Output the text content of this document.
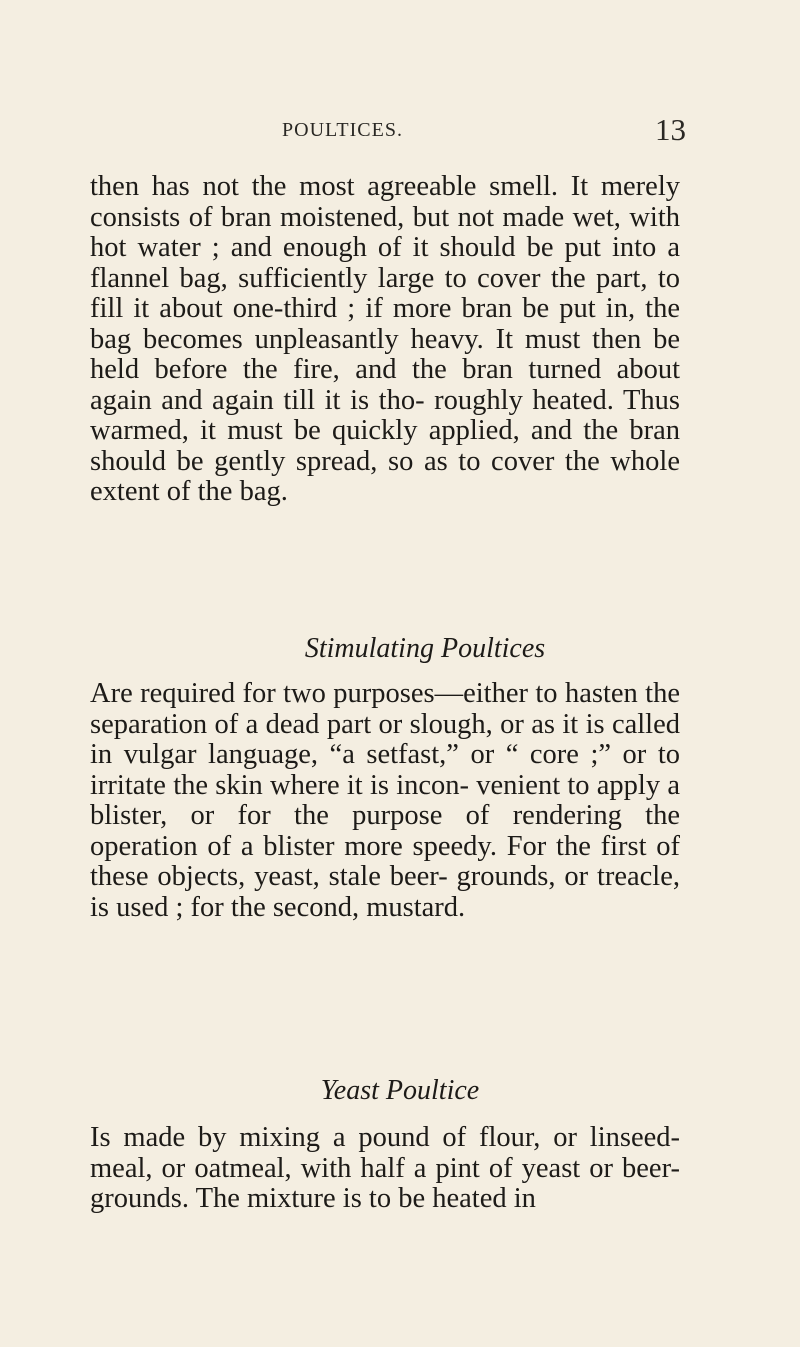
POULTICES.	13
then has not the most agreeable smell. It merely consists of bran moistened, but not made wet, with hot water ; and enough of it should be put into a flannel bag, sufficiently large to cover the part, to fill it about one-third ; if more bran be put in, the bag becomes unpleasantly heavy. It must then be held before the fire, and the bran turned about again and again till it is tho- roughly heated. Thus warmed, it must be quickly applied, and the bran should be gently spread, so as to cover the whole extent of the bag.
Stimulating Poultices
Are required for two purposes—either to hasten the separation of a dead part or slough, or as it is called in vulgar language, “a setfast,” or “ core ;” or to irritate the skin where it is incon- venient to apply a blister, or for the purpose of rendering the operation of a blister more speedy. For the first of these objects, yeast, stale beer- grounds, or treacle, is used ; for the second, mustard.
Yeast Poultice
Is made by mixing a pound of flour, or linseed- meal, or oatmeal, with half a pint of yeast or beer-grounds. The mixture is to be heated in
